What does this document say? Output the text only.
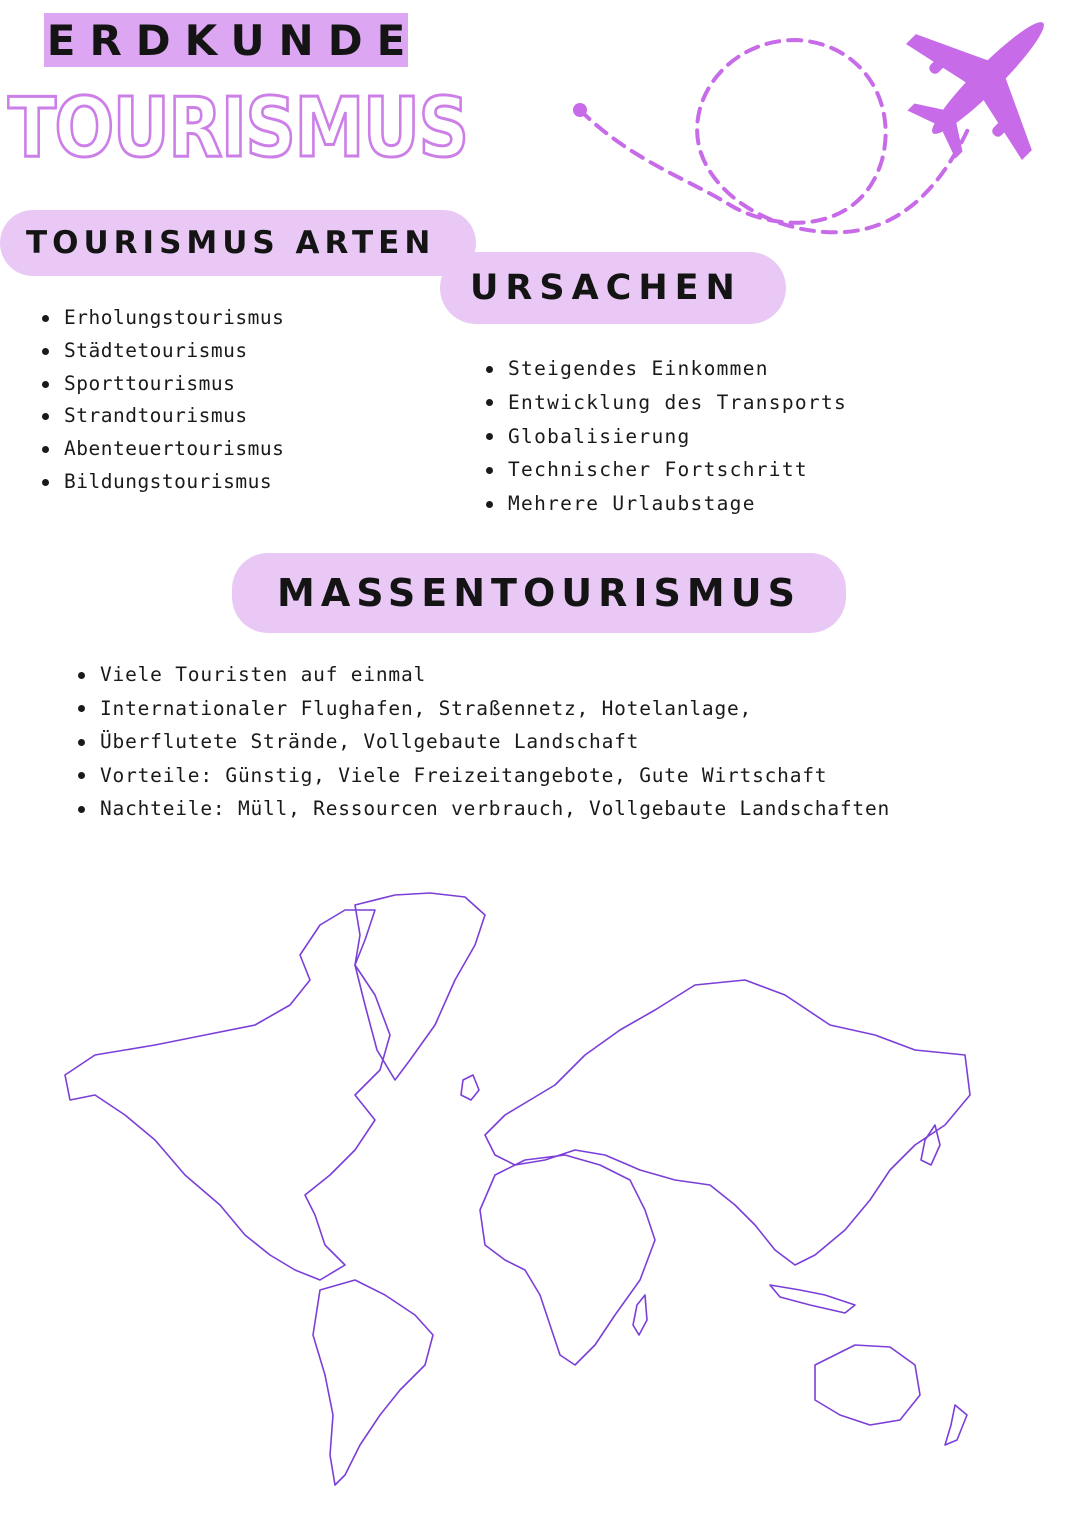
ERDKUNDE
TOURISMUS
TOURISMUS ARTEN
URSACHEN
Erholungstourismus
Städtetourismus
Sporttourismus
Strandtourismus
Abenteuertourismus
Bildungstourismus
Steigendes Einkommen
Entwicklung des Transports
Globalisierung
Technischer Fortschritt
Mehrere Urlaubstage
MASSENTOURISMUS
Viele Touristen auf einmal
Internationaler Flughafen, Straßennetz, Hotelanlage,
Überflutete Strände, Vollgebaute Landschaft
Vorteile: Günstig, Viele Freizeitangebote, Gute Wirtschaft
Nachteile: Müll, Ressourcen verbrauch, Vollgebaute Landschaften
